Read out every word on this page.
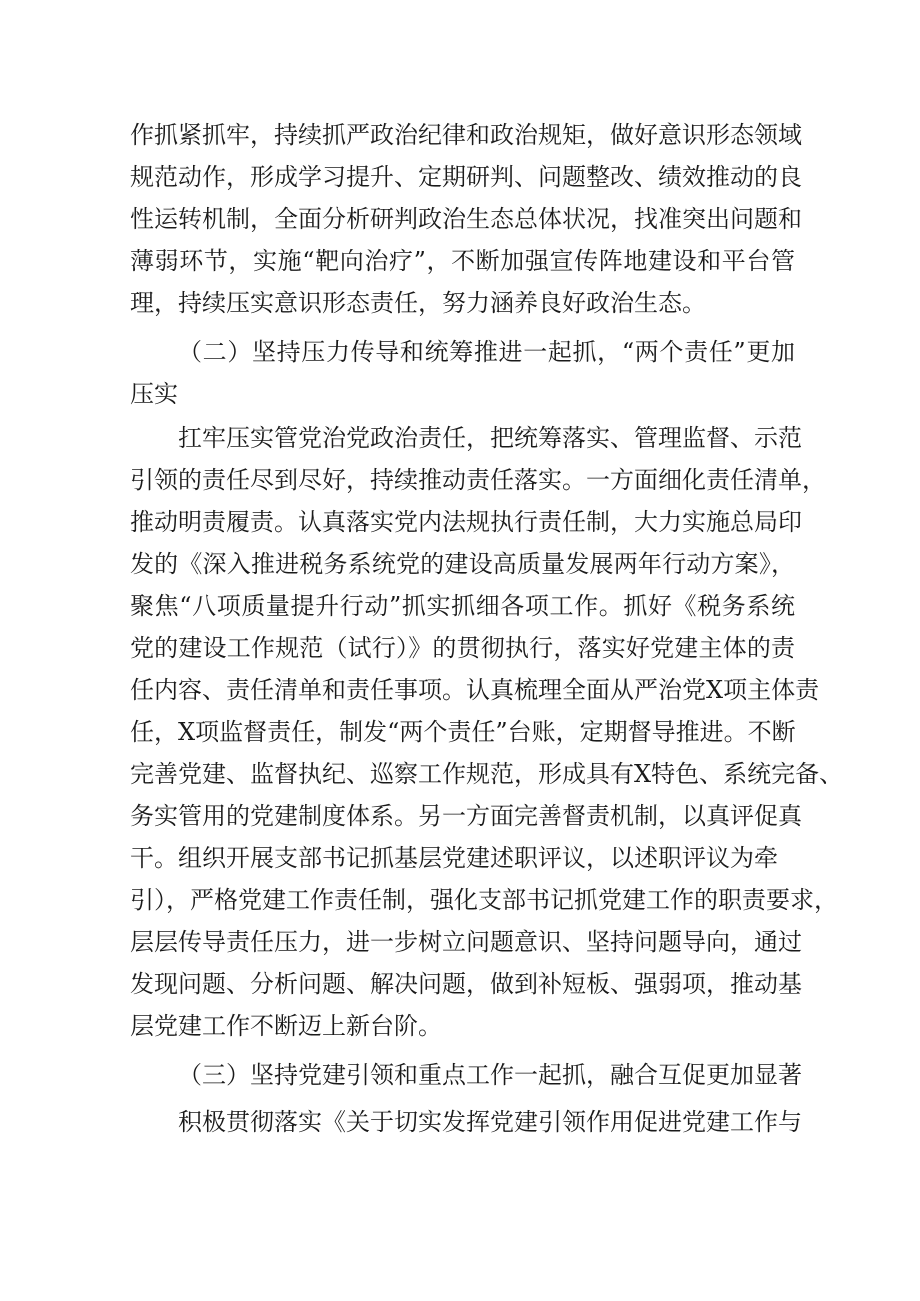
作抓紧抓牢，持续抓严政治纪律和政治规矩，做好意识形态领域

规范动作，形成学习提升、定期研判、问题整改、绩效推动的良

性运转机制，全面分析研判政治生态总体状况，找准突出问题和

薄弱环节，实施“靶向治疗”，不断加强宣传阵地建设和平台管

理，持续压实意识形态责任，努力涵养良好政治生态。

（二）坚持压力传导和统筹推进一起抓，“两个责任”更加

压实

扛牢压实管党治党政治责任，把统筹落实、管理监督、示范

引领的责任尽到尽好，持续推动责任落实。一方面细化责任清单，

推动明责履责。认真落实党内法规执行责任制，大力实施总局印

发的《深入推进税务系统党的建设高质量发展两年行动方案》，

聚焦“八项质量提升行动”抓实抓细各项工作。抓好《税务系统

党的建设工作规范（试行）》的贯彻执行，落实好党建主体的责

任内容、责任清单和责任事项。认真梳理全面从严治党X项主体责

任，X项监督责任，制发“两个责任”台账，定期督导推进。不断

完善党建、监督执纪、巡察工作规范，形成具有X特色、系统完备、

务实管用的党建制度体系。另一方面完善督责机制，以真评促真

干。组织开展支部书记抓基层党建述职评议，以述职评议为牵

引），严格党建工作责任制，强化支部书记抓党建工作的职责要求，

层层传导责任压力，进一步树立问题意识、坚持问题导向，通过

发现问题、分析问题、解决问题，做到补短板、强弱项，推动基

层党建工作不断迈上新台阶。

（三）坚持党建引领和重点工作一起抓，融合互促更加显著

积极贯彻落实《关于切实发挥党建引领作用促进党建工作与
